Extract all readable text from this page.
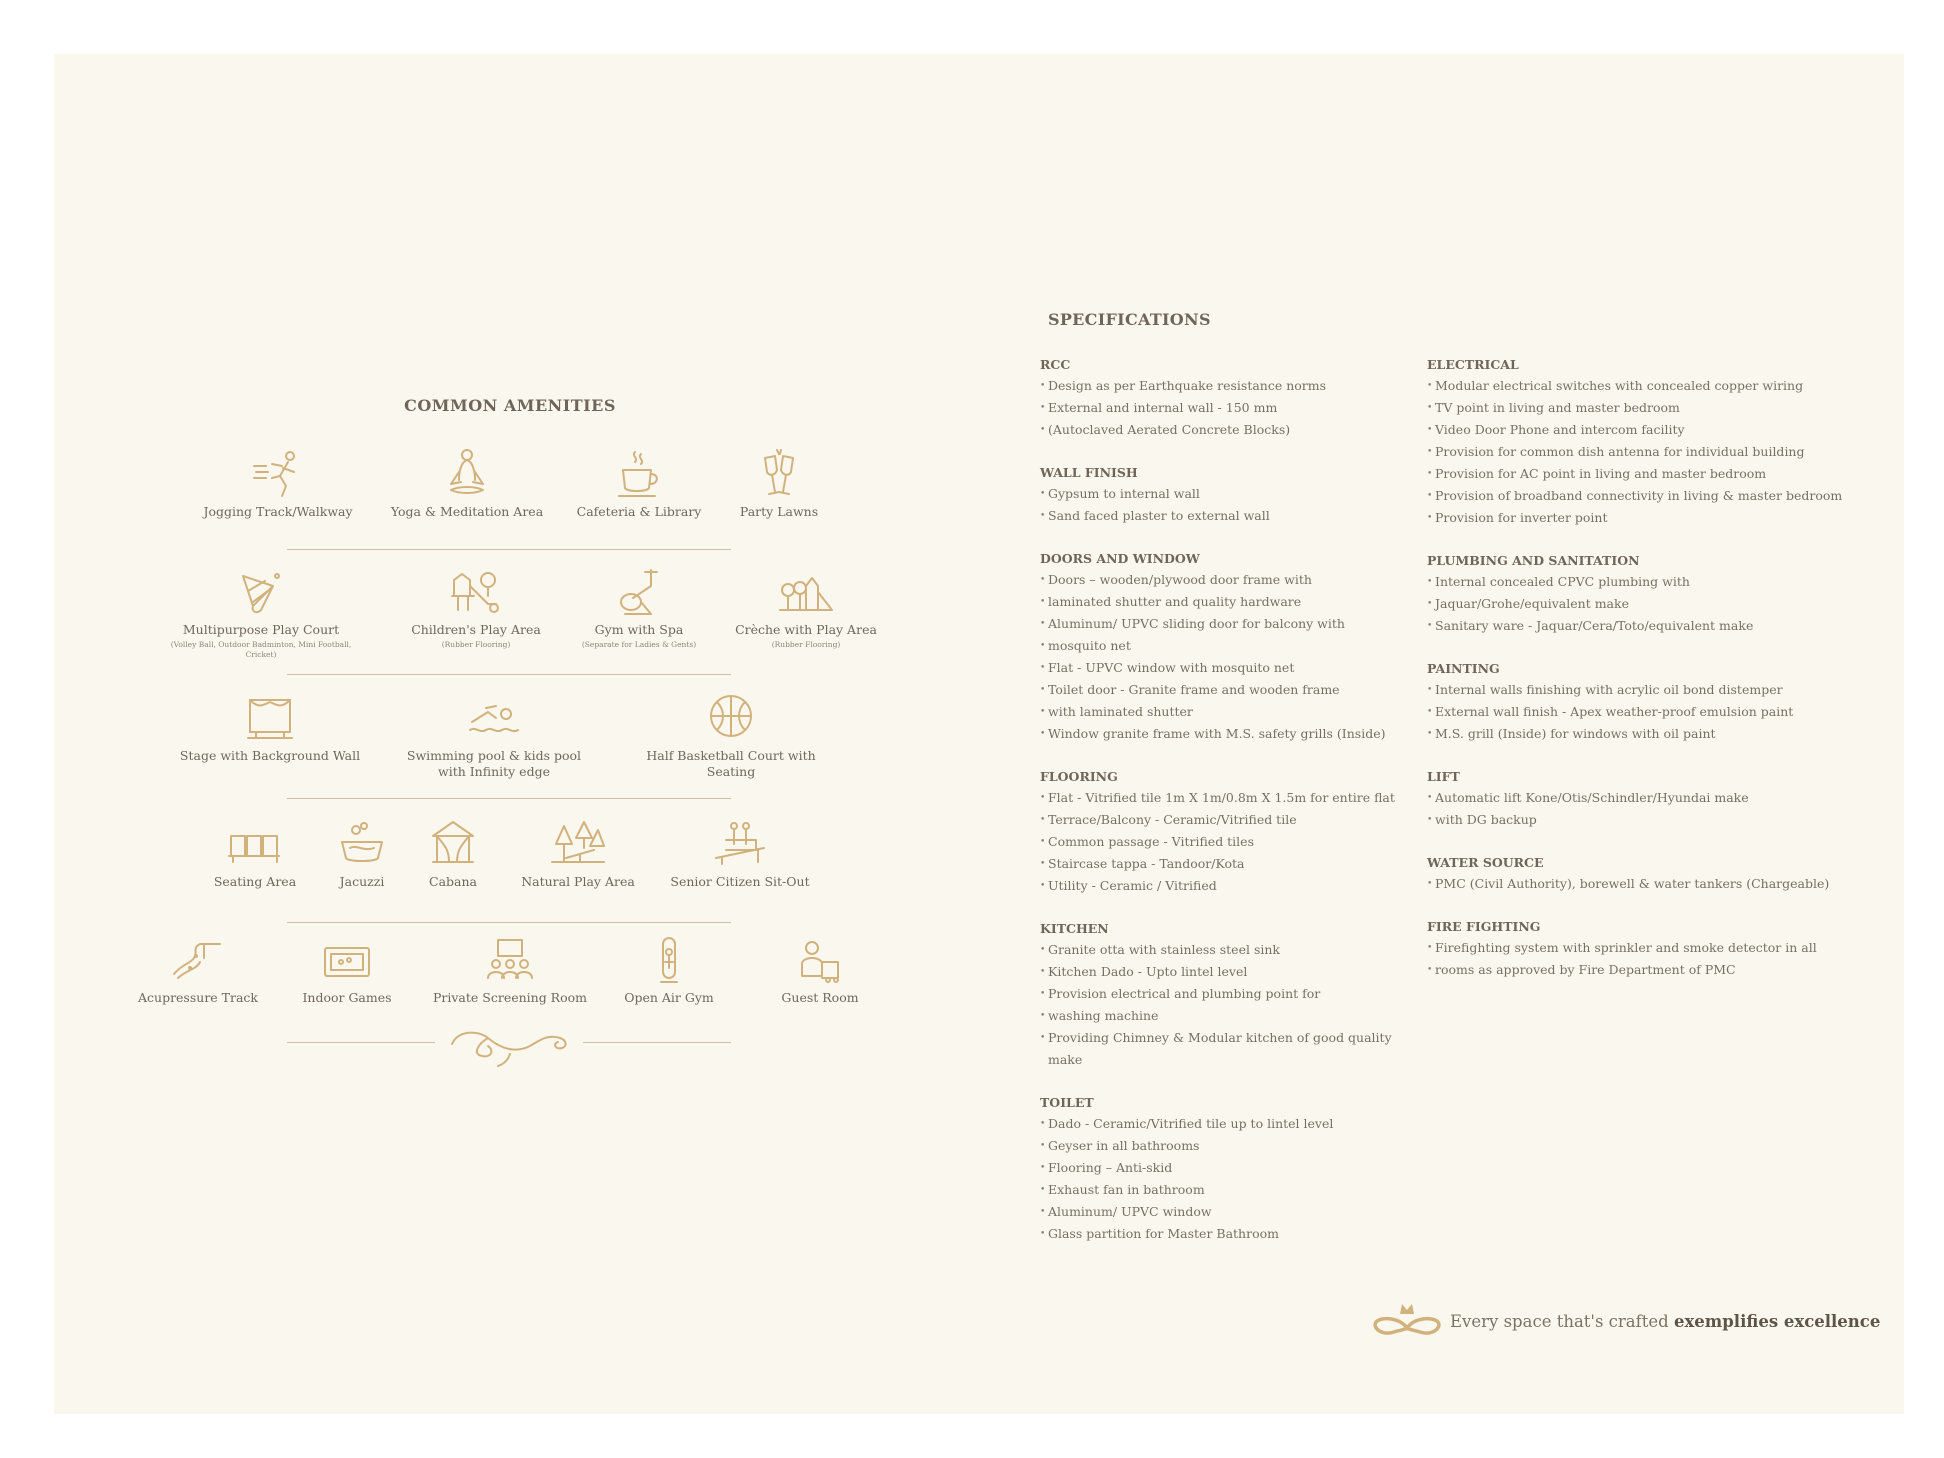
COMMON AMENITIES
Jogging Track/Walkway	Yoga & Meditation Area	Cafeteria & Library	Party Lawns
Multipurpose Play Court
(Volley Ball, Outdoor Badminton, Mini Football, Cricket)
Children's Play Area
(Rubber Flooring)
Gym with Spa
(Separate for Ladies & Gents)
Crèche with Play Area
(Rubber Flooring)
Stage with Background Wall	Swimming pool & kids pool with Infinity edge
Half Basketball Court with Seating
Seating Area	Jacuzzi	Cabana	Natural Play Area	Senior Citizen Sit-Out
Acupressure Track	Indoor Games	Private Screening Room	Open Air Gym	Guest Room
SPECIFICATIONS
RCC
• Design as per Earthquake resistance norms
• External and internal wall - 150 mm
• (Autoclaved Aerated Concrete Blocks)
WALL FINISH
• Gypsum to internal wall
• Sand faced plaster to external wall
DOORS AND WINDOW
• Doors – wooden/plywood door frame with
• laminated shutter and quality hardware
• Aluminum/ UPVC sliding door for balcony with
• mosquito net
• Flat - UPVC window with mosquito net
• Toilet door - Granite frame and wooden frame
• with laminated shutter
• Window granite frame with M.S. safety grills (Inside)
FLOORING
• Flat - Vitrified tile 1m X 1m/0.8m X 1.5m for entire flat
• Terrace/Balcony - Ceramic/Vitrified tile
• Common passage - Vitrified tiles
• Staircase tappa - Tandoor/Kota
• Utility - Ceramic / Vitrified
KITCHEN
• Granite otta with stainless steel sink
• Kitchen Dado - Upto lintel level
• Provision electrical and plumbing point for
• washing machine
• Providing Chimney & Modular kitchen of good quality make
TOILET
• Dado - Ceramic/Vitrified tile up to lintel level
• Geyser in all bathrooms
• Flooring – Anti-skid
• Exhaust fan in bathroom
• Aluminum/ UPVC window
• Glass partition for Master Bathroom
ELECTRICAL
• Modular electrical switches with concealed copper wiring
• TV point in living and master bedroom
• Video Door Phone and intercom facility
• Provision for common dish antenna for individual building
• Provision for AC point in living and master bedroom
• Provision of broadband connectivity in living & master bedroom
• Provision for inverter point
PLUMBING AND SANITATION
• Internal concealed CPVC plumbing with
• Jaquar/Grohe/equivalent make
• Sanitary ware - Jaquar/Cera/Toto/equivalent make
PAINTING
• Internal walls finishing with acrylic oil bond distemper
• External wall finish - Apex weather-proof emulsion paint
• M.S. grill (Inside) for windows with oil paint
LIFT
• Automatic lift Kone/Otis/Schindler/Hyundai make
• with DG backup
WATER SOURCE
• PMC (Civil Authority), borewell & water tankers (Chargeable)
FIRE FIGHTING
• Firefighting system with sprinkler and smoke detector in all
• rooms as approved by Fire Department of PMC
Every space that's crafted exemplifies excellence
